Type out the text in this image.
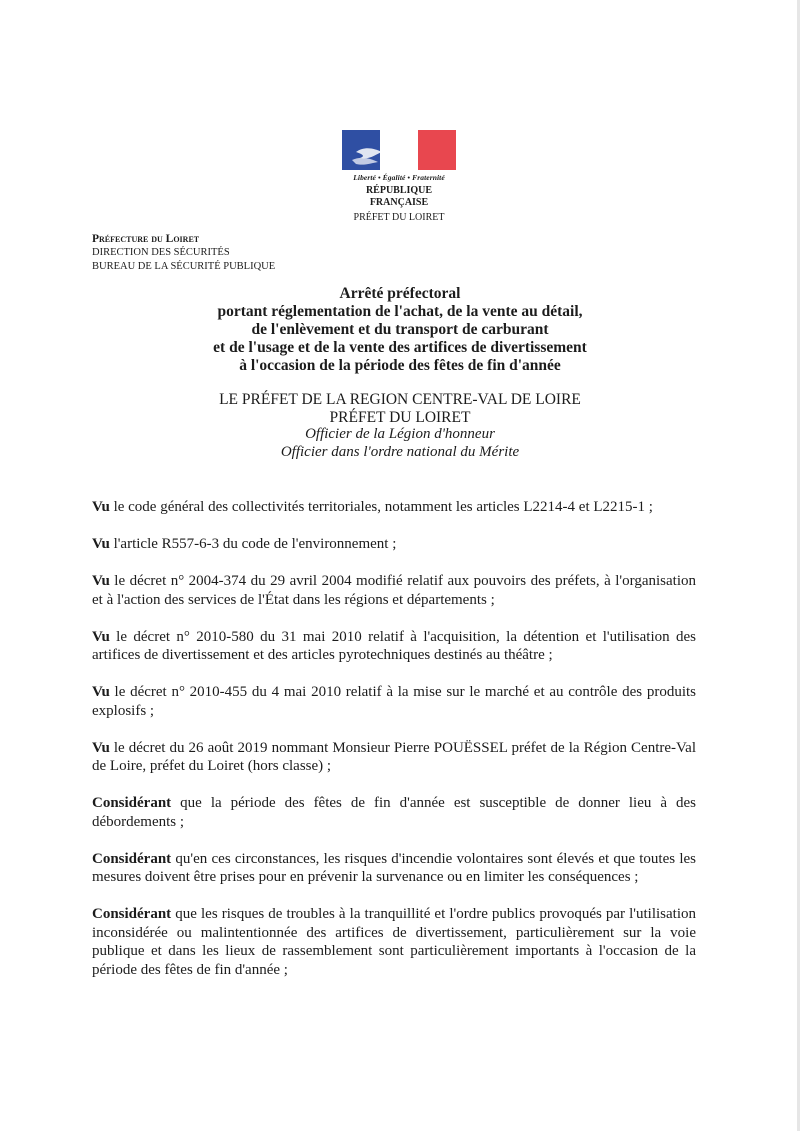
Liberté • Égalité • Fraternité
RÉPUBLIQUE FRANÇAISE
PRÉFET DU LOIRET
Préfecture du Loiret
DIRECTION DES SÉCURITÉS
BUREAU DE LA SÉCURITÉ PUBLIQUE
Arrêté préfectoral
portant réglementation de l'achat, de la vente au détail,
de l'enlèvement et du transport de carburant
et de l'usage et de la vente des artifices de divertissement
à l'occasion de la période des fêtes de fin d'année
LE PRÉFET DE LA REGION CENTRE-VAL DE LOIRE
PRÉFET DU LOIRET
Officier de la Légion d'honneur
Officier dans l'ordre national du Mérite

Vu le code général des collectivités territoriales, notamment les articles L2214-4 et L2215-1 ;

Vu l'article R557-6-3 du code de l'environnement ;

Vu le décret n° 2004-374 du 29 avril 2004 modifié relatif aux pouvoirs des préfets, à l'organisation et à l'action des services de l'État dans les régions et départements ;

Vu le décret n° 2010-580 du 31 mai 2010 relatif à l'acquisition, la détention et l'utilisation des artifices de divertissement et des articles pyrotechniques destinés au théâtre ;

Vu le décret n° 2010-455 du 4 mai 2010 relatif à la mise sur le marché et au contrôle des produits explosifs ;

Vu le décret du 26 août 2019 nommant Monsieur Pierre POUËSSEL préfet de la Région Centre-Val de Loire, préfet du Loiret (hors classe) ;

Considérant que la période des fêtes de fin d'année est susceptible de donner lieu à des débordements ;

Considérant qu'en ces circonstances, les risques d'incendie volontaires sont élevés et que toutes les mesures doivent être prises pour en prévenir la survenance ou en limiter les conséquences ;

Considérant que les risques de troubles à la tranquillité et l'ordre publics provoqués par l'utilisation inconsidérée ou malintentionnée des artifices de divertissement, particulièrement sur la voie publique et dans les lieux de rassemblement sont particulièrement importants à l'occasion de la période des fêtes de fin d'année ;
